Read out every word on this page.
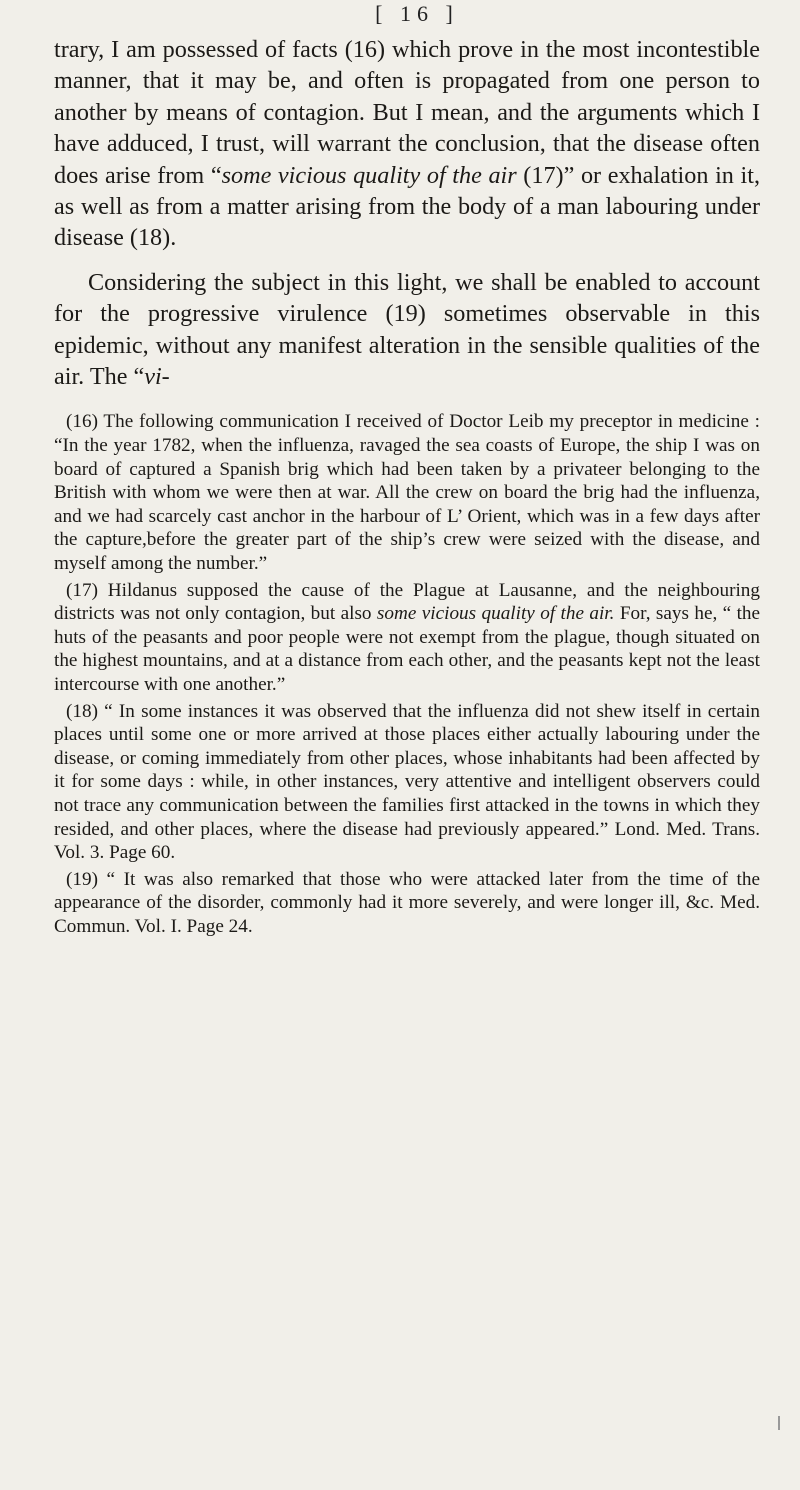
[ 16 ]

trary, I am possessed of facts (16) which prove in the most incontestible manner, that it may be, and often is propagated from one person to another by means of contagion. But I mean, and the arguments which I have adduced, I trust, will warrant the conclusion, that the disease often does arise from “some vicious quality of the air (17)” or exhalation in it, as well as from a matter arising from the body of a man labouring under disease (18).

Considering the subject in this light, we shall be enabled to account for the progressive virulence (19) sometimes observable in this epidemic, without any manifest alteration in the sensible qualities of the air. The “vi-

(16) The following communication I received of Doctor Leib my preceptor in medicine : “In the year 1782, when the influenza, ravaged the sea coasts of Europe, the ship I was on board of captured a Spanish brig which had been taken by a privateer belonging to the British with whom we were then at war. All the crew on board the brig had the influenza, and we had scarcely cast anchor in the harbour of L’ Orient, which was in a few days after the capture,before the greater part of the ship’s crew were seized with the disease, and myself among the number.”

(17) Hildanus supposed the cause of the Plague at Lausanne, and the neighbouring districts was not only contagion, but also some vicious quality of the air. For, says he, “ the huts of the peasants and poor people were not exempt from the plague, though situated on the highest mountains, and at a distance from each other, and the peasants kept not the least intercourse with one another.”

(18) “ In some instances it was observed that the influenza did not shew itself in certain places until some one or more arrived at those places either actually labouring under the disease, or coming immediately from other places, whose inhabitants had been affected by it for some days : while, in other instances, very attentive and intelligent observers could not trace any communication between the families first attacked in the towns in which they resided, and other places, where the disease had previously appeared.” Lond. Med. Trans. Vol. 3. Page 60.

(19) “ It was also remarked that those who were attacked later from the time of the appearance of the disorder, commonly had it more severely, and were longer ill, &c. Med. Commun. Vol. I. Page 24.
